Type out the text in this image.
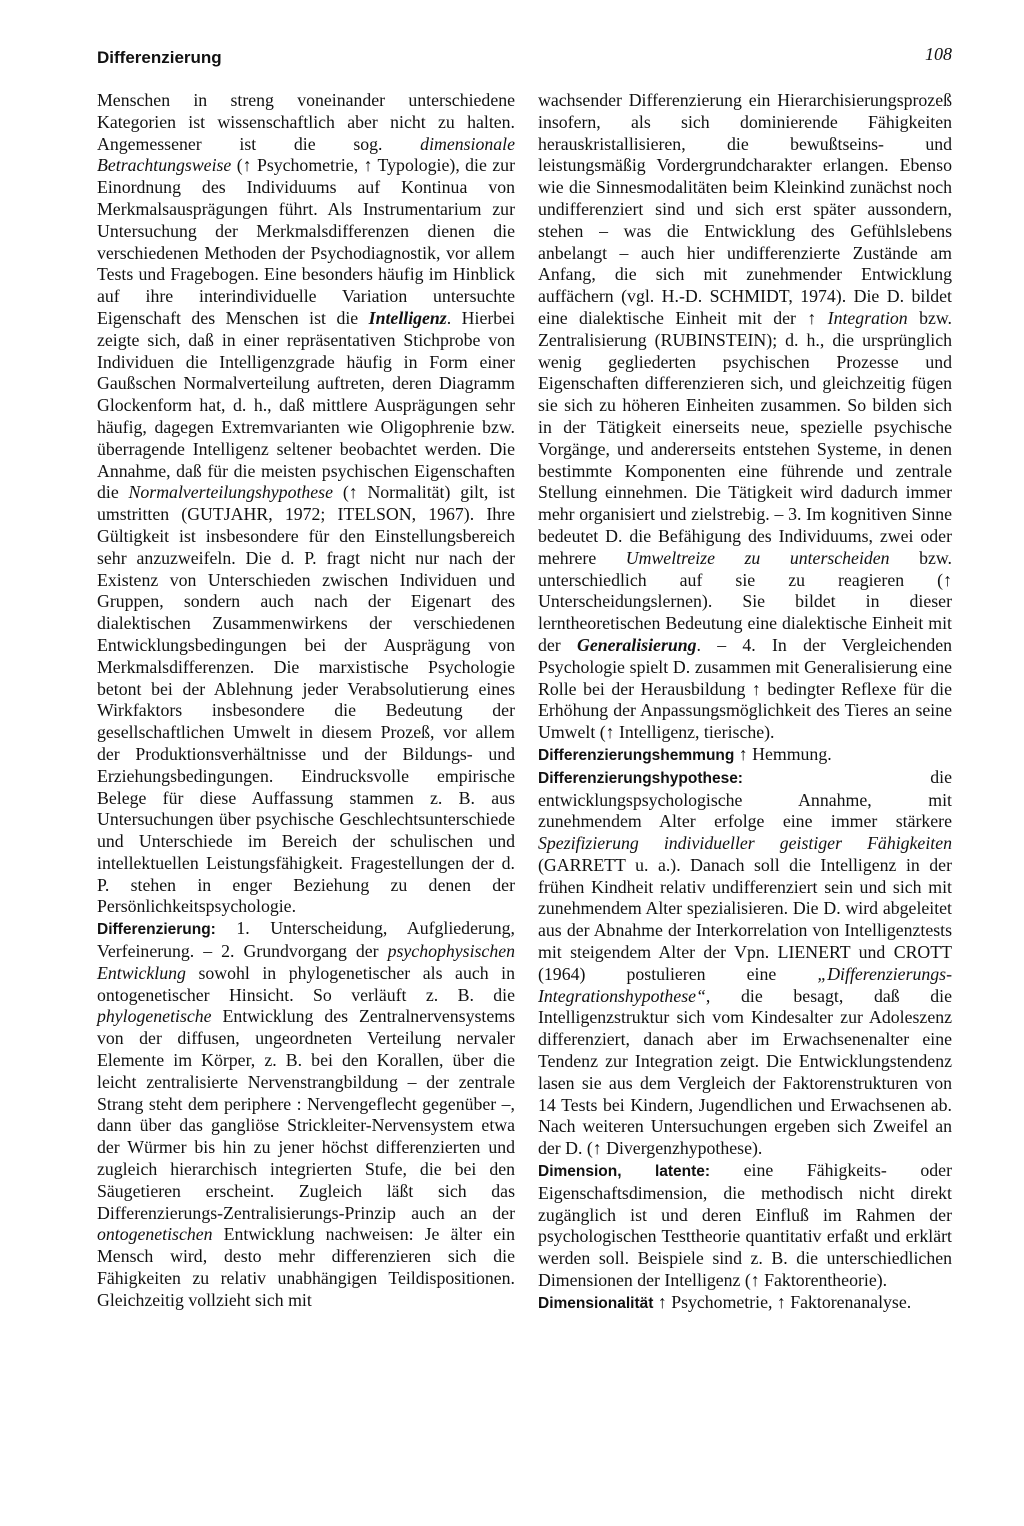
Differenzierung	108

Menschen in streng voneinander unterschiedene Kategorien ist wissenschaftlich aber nicht zu halten. Angemessener ist die sog. dimensionale Betrachtungsweise (↑ Psychometrie, ↑ Typologie), die zur Einordnung des Individuums auf Kontinua von Merkmalsausprägungen führt. Als Instrumentarium zur Untersuchung der Merkmalsdifferenzen dienen die verschiedenen Methoden der Psychodiagnostik, vor allem Tests und Fragebogen. Eine besonders häufig im Hinblick auf ihre interindividuelle Variation untersuchte Eigenschaft des Menschen ist die Intelligenz. Hierbei zeigte sich, daß in einer repräsentativen Stichprobe von Individuen die Intelligenzgrade häufig in Form einer Gaußschen Normalverteilung auftreten, deren Diagramm Glockenform hat, d. h., daß mittlere Ausprägungen sehr häufig, dagegen Extremvarianten wie Oligophrenie bzw. überragende Intelligenz seltener beobachtet werden. Die Annahme, daß für die meisten psychischen Eigenschaften die Normalverteilungshypothese (↑ Normalität) gilt, ist umstritten (GUTJAHR, 1972; ITELSON, 1967). Ihre Gültigkeit ist insbesondere für den Einstellungsbereich sehr anzuzweifeln. Die d. P. fragt nicht nur nach der Existenz von Unterschieden zwischen Individuen und Gruppen, sondern auch nach der Eigenart des dialektischen Zusammenwirkens der verschiedenen Entwicklungsbedingungen bei der Ausprägung von Merkmalsdifferenzen. Die marxistische Psychologie betont bei der Ablehnung jeder Verabsolutierung eines Wirkfaktors insbesondere die Bedeutung der gesellschaftlichen Umwelt in diesem Prozeß, vor allem der Produktionsverhältnisse und der Bildungs- und Erziehungsbedingungen. Eindrucksvolle empirische Belege für diese Auffassung stammen z. B. aus Untersuchungen über psychische Geschlechtsunterschiede und Unterschiede im Bereich der schulischen und intellektuellen Leistungsfähigkeit. Fragestellungen der d. P. stehen in enger Beziehung zu denen der Persönlichkeitspsychologie.

Differenzierung: 1. Unterscheidung, Aufgliederung, Verfeinerung. – 2. Grundvorgang der psychophysischen Entwicklung sowohl in phylogenetischer als auch in ontogenetischer Hinsicht. So verläuft z. B. die phylogenetische Entwicklung des Zentralnervensystems von der diffusen, ungeordneten Verteilung nervaler Elemente im Körper, z. B. bei den Korallen, über die leicht zentralisierte Nervenstrangbildung – der zentrale Strang steht dem periphere : Nervengeflecht gegenüber –, dann über das gangliöse Strickleiter-Nervensystem etwa der Würmer bis hin zu jener höchst differenzierten und zugleich hierarchisch integrierten Stufe, die bei den Säugetieren erscheint. Zugleich läßt sich das Differenzierungs-Zentralisierungs-Prinzip auch an der ontogenetischen Entwicklung nachweisen: Je älter ein Mensch wird, desto mehr differenzieren sich die Fähigkeiten zu relativ unabhängigen Teildispositionen. Gleichzeitig vollzieht sich mit

wachsender Differenzierung ein Hierarchisierungsprozeß insofern, als sich dominierende Fähigkeiten herauskristallisieren, die bewußtseins- und leistungsmäßig Vordergrundcharakter erlangen. Ebenso wie die Sinnesmodalitäten beim Kleinkind zunächst noch undifferenziert sind und sich erst später aussondern, stehen – was die Entwicklung des Gefühlslebens anbelangt – auch hier undifferenzierte Zustände am Anfang, die sich mit zunehmender Entwicklung auffächern (vgl. H.-D. SCHMIDT, 1974). Die D. bildet eine dialektische Einheit mit der ↑ Integration bzw. Zentralisierung (RUBINSTEIN); d. h., die ursprünglich wenig gegliederten psychischen Prozesse und Eigenschaften differenzieren sich, und gleichzeitig fügen sie sich zu höheren Einheiten zusammen. So bilden sich in der Tätigkeit einerseits neue, spezielle psychische Vorgänge, und andererseits entstehen Systeme, in denen bestimmte Komponenten eine führende und zentrale Stellung einnehmen. Die Tätigkeit wird dadurch immer mehr organisiert und zielstrebig. – 3. Im kognitiven Sinne bedeutet D. die Befähigung des Individuums, zwei oder mehrere Umweltreize zu unterscheiden bzw. unterschiedlich auf sie zu reagieren (↑ Unterscheidungslernen). Sie bildet in dieser lerntheoretischen Bedeutung eine dialektische Einheit mit der Generalisierung. – 4. In der Vergleichenden Psychologie spielt D. zusammen mit Generalisierung eine Rolle bei der Herausbildung ↑ bedingter Reflexe für die Erhöhung der Anpassungsmöglichkeit des Tieres an seine Umwelt (↑ Intelligenz, tierische).

Differenzierungshemmung ↑ Hemmung.

Differenzierungshypothese: die entwicklungspsychologische Annahme, mit zunehmendem Alter erfolge eine immer stärkere Spezifizierung individueller geistiger Fähigkeiten (GARRETT u. a.). Danach soll die Intelligenz in der frühen Kindheit relativ undifferenziert sein und sich mit zunehmendem Alter spezialisieren. Die D. wird abgeleitet aus der Abnahme der Interkorrelation von Intelligenztests mit steigendem Alter der Vpn. LIENERT und CROTT (1964) postulieren eine „Differenzierungs-Integrationshypothese“, die besagt, daß die Intelligenzstruktur sich vom Kindesalter zur Adoleszenz differenziert, danach aber im Erwachsenenalter eine Tendenz zur Integration zeigt. Die Entwicklungstendenz lasen sie aus dem Vergleich der Faktorenstrukturen von 14 Tests bei Kindern, Jugendlichen und Erwachsenen ab. Nach weiteren Untersuchungen ergeben sich Zweifel an der D. (↑ Divergenzhypothese).

Dimension, latente: eine Fähigkeits- oder Eigenschaftsdimension, die methodisch nicht direkt zugänglich ist und deren Einfluß im Rahmen der psychologischen Testtheorie quantitativ erfaßt und erklärt werden soll. Beispiele sind z. B. die unterschiedlichen Dimensionen der Intelligenz (↑ Faktorentheorie).

Dimensionalität ↑ Psychometrie, ↑ Faktorenanalyse.
